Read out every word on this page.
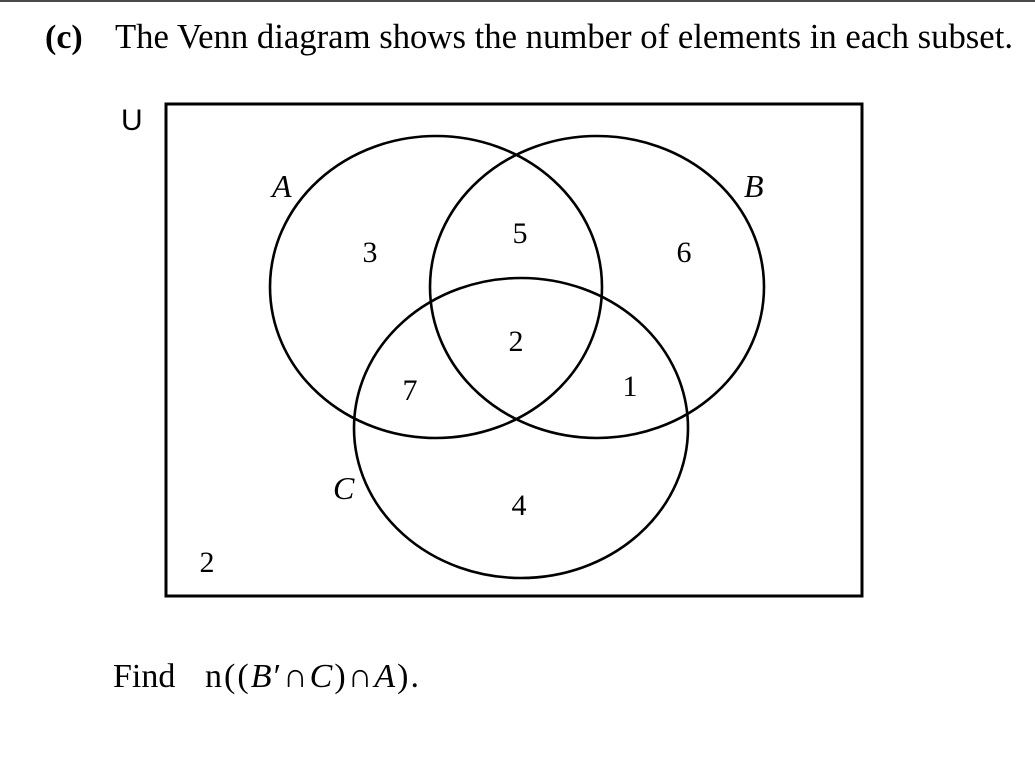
(c) The Venn diagram shows the number of elements in each subset.
U
A	B
C
3
5
6
2
7	1
4
2
Find n((B′∩C)∩A).
